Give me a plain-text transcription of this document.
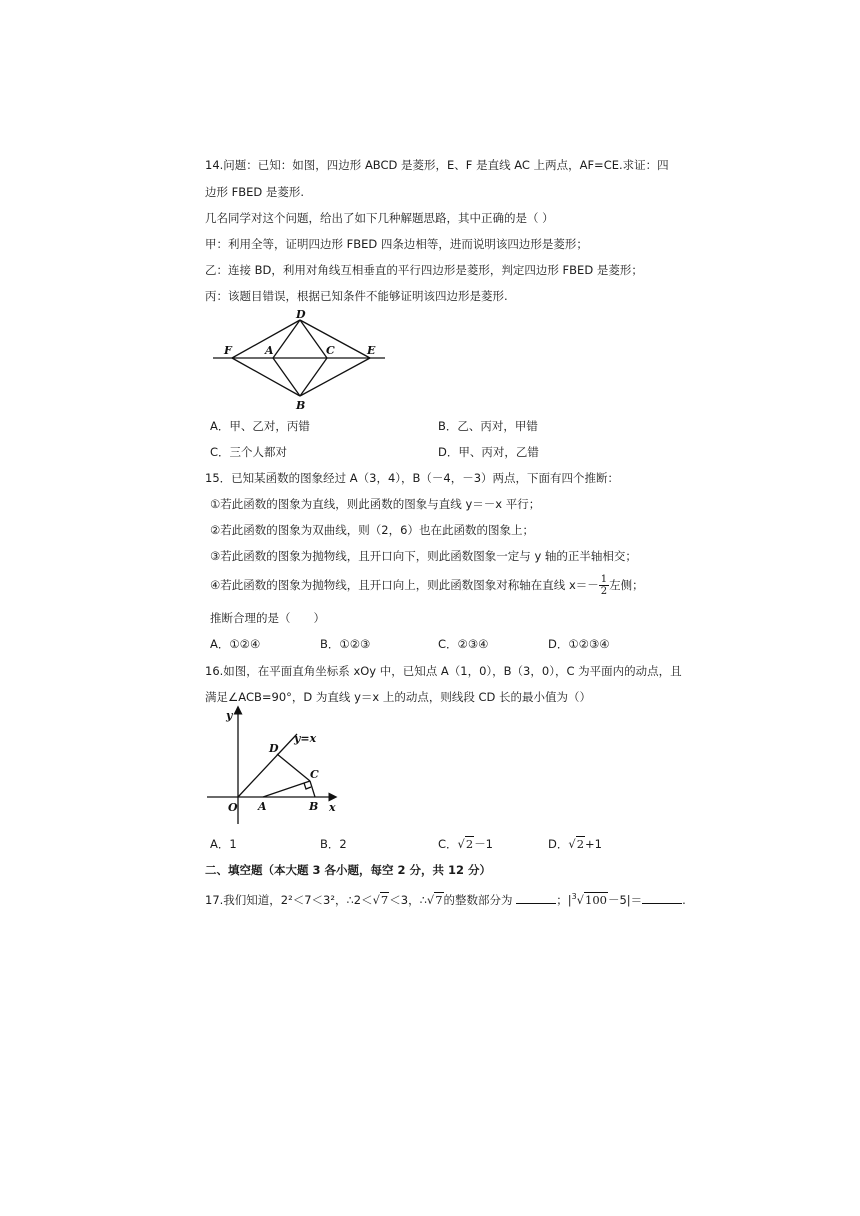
14.问题：已知：如图，四边形 ABCD 是菱形，E、F 是直线 AC 上两点，AF=CE.求证：四
边形 FBED 是菱形.
几名同学对这个问题，给出了如下几种解题思路，其中正确的是（ ）
甲：利用全等，证明四边形 FBED 四条边相等，进而说明该四边形是菱形；
乙：连接 BD，利用对角线互相垂直的平行四边形是菱形，判定四边形 FBED 是菱形；
丙：该题目错误，根据已知条件不能够证明该四边形是菱形.
D
F	A	C	E
B
A．甲、乙对，丙错	B．乙、丙对，甲错
C．三个人都对	D．甲、丙对，乙错
15．已知某函数的图象经过 A（3，4），B（－4，－3）两点，下面有四个推断：
①若此函数的图象为直线，则此函数的图象与直线 y＝－x 平行；
②若此函数的图象为双曲线，则（2，6）也在此函数的图象上；
③若此函数的图象为抛物线，且开口向下，则此函数图象一定与 y 轴的正半轴相交；
④若此函数的图象为抛物线，且开口向上，则此函数图象对称轴在直线 $x=- \frac{1}{2}$ 左侧；
推断合理的是（　　）
A．①②④	B．①②③	C．②③④	D．①②③④
16.如图，在平面直角坐标系 xOy 中，已知点 A（1，0），B（3，0），C 为平面内的动点，且
满足∠ACB=90°，D 为直线 y＝x 上的动点，则线段 CD 长的最小值为（）
y
y=x
D
C
O A	B x
A．1	B．2	C．√2－1	D．√2+1
二、填空题（本大题 3 各小题，每空 2 分，共 12 分）
17.我们知道，2²＜7＜3²，∴2＜√7＜3，∴√7的整数部分为	；$|^3√100-5|=$	.
